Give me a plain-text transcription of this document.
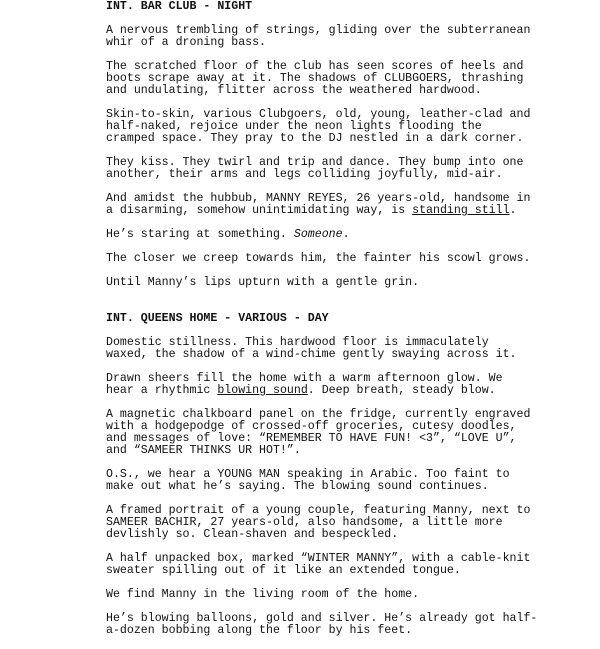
INT. BAR CLUB - NIGHT
A nervous trembling of strings, gliding over the subterranean
whir of a droning bass.
The scratched floor of the club has seen scores of heels and
boots scrape away at it. The shadows of CLUBGOERS, thrashing
and undulating, flitter across the weathered hardwood.
Skin-to-skin, various Clubgoers, old, young, leather-clad and
half-naked, rejoice under the neon lights flooding the
cramped space. They pray to the DJ nestled in a dark corner.
They kiss. They twirl and trip and dance. They bump into one
another, their arms and legs colliding joyfully, mid-air.
And amidst the hubbub, MANNY REYES, 26 years-old, handsome in
a disarming, somehow unintimidating way, is standing still.
He’s staring at something. Someone.
The closer we creep towards him, the fainter his scowl grows.
Until Manny’s lips upturn with a gentle grin.
INT. QUEENS HOME - VARIOUS - DAY
Domestic stillness. This hardwood floor is immaculately
waxed, the shadow of a wind-chime gently swaying across it.
Drawn sheers fill the home with a warm afternoon glow. We
hear a rhythmic blowing sound. Deep breath, steady blow.
A magnetic chalkboard panel on the fridge, currently engraved
with a hodgepodge of crossed-off groceries, cutesy doodles,
and messages of love: “REMEMBER TO HAVE FUN! <3”, “LOVE U”,
and “SAMEER THINKS UR HOT!”.
O.S., we hear a YOUNG MAN speaking in Arabic. Too faint to
make out what he’s saying. The blowing sound continues.
A framed portrait of a young couple, featuring Manny, next to
SAMEER BACHIR, 27 years-old, also handsome, a little more
devlishly so. Clean-shaven and bespeckled.
A half unpacked box, marked “WINTER MANNY”, with a cable-knit
sweater spilling out of it like an extended tongue.
We find Manny in the living room of the home.
He’s blowing balloons, gold and silver. He’s already got half-
a-dozen bobbing along the floor by his feet.
